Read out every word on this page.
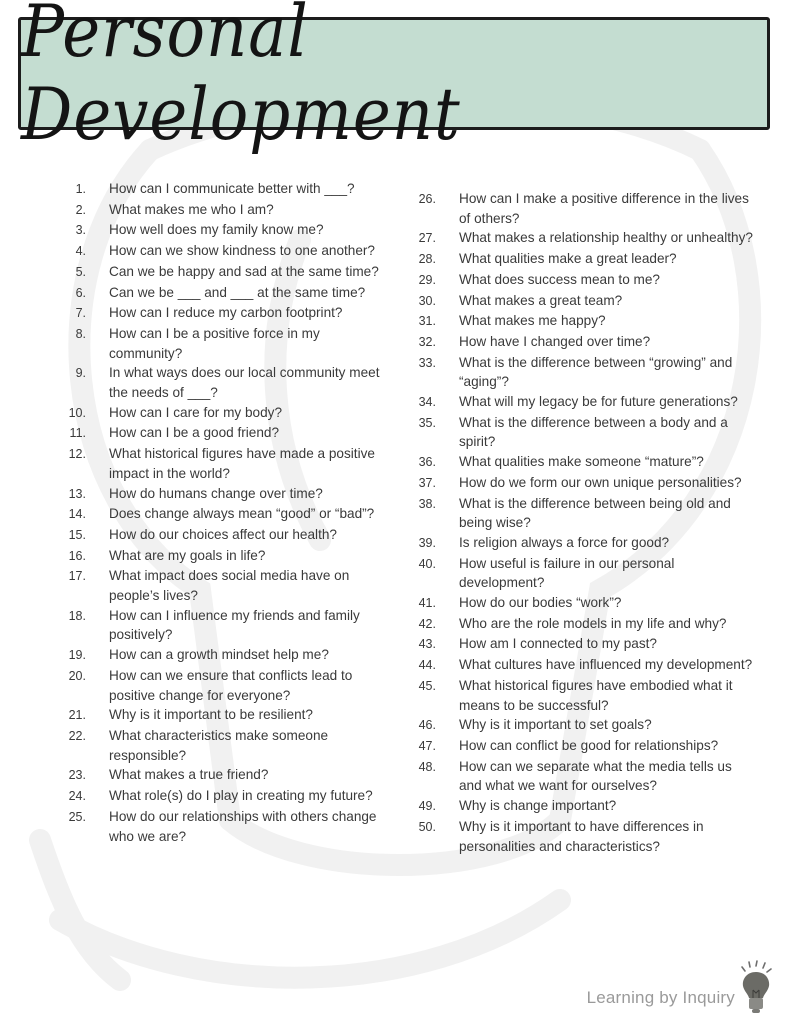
Personal Development
1.	How can I communicate better with ___?
2.	What makes me who I am?
3.	How well does my family know me?
4.	How can we show kindness to one another?
5.	Can we be happy and sad at the same time?
6.	Can we be ___ and ___ at the same time?
7.	How can I reduce my carbon footprint?
8.	How can I be a positive force in my community?
9.	In what ways does our local community meet the needs of ___?
10.	How can I care for my body?
11.	How can I be a good friend?
12.	What historical figures have made a positive impact in the world?
13.	How do humans change over time?
14.	Does change always mean “good” or “bad”?
15.	How do our choices affect our health?
16.	What are my goals in life?
17.	What impact does social media have on people’s lives?
18.	How can I influence my friends and family positively?
19.	How can a growth mindset help me?
20.	How can we ensure that conflicts lead to positive change for everyone?
21.	Why is it important to be resilient?
22.	What characteristics make someone responsible?
23.	What makes a true friend?
24.	What role(s) do I play in creating my future?
25.	How do our relationships with others change who we are?
26.	How can I make a positive difference in the lives of others?
27.	What makes a relationship healthy or unhealthy?
28.	What qualities make a great leader?
29.	What does success mean to me?
30.	What makes a great team?
31.	What makes me happy?
32.	How have I changed over time?
33.	What is the difference between “growing” and “aging”?
34.	What will my legacy be for future generations?
35.	What is the difference between a body and a spirit?
36.	What qualities make someone “mature”?
37.	How do we form our own unique personalities?
38.	What is the difference between being old and being wise?
39.	Is religion always a force for good?
40.	How useful is failure in our personal development?
41.	How do our bodies “work”?
42.	Who are the role models in my life and why?
43.	How am I connected to my past?
44.	What cultures have influenced my development?
45.	What historical figures have embodied what it means to be successful?
46.	Why is it important to set goals?
47.	How can conflict be good for relationships?
48.	How can we separate what the media tells us and what we want for ourselves?
49.	Why is change important?
50.	Why is it important to have differences in personalities and characteristics?
Learning by Inquiry
